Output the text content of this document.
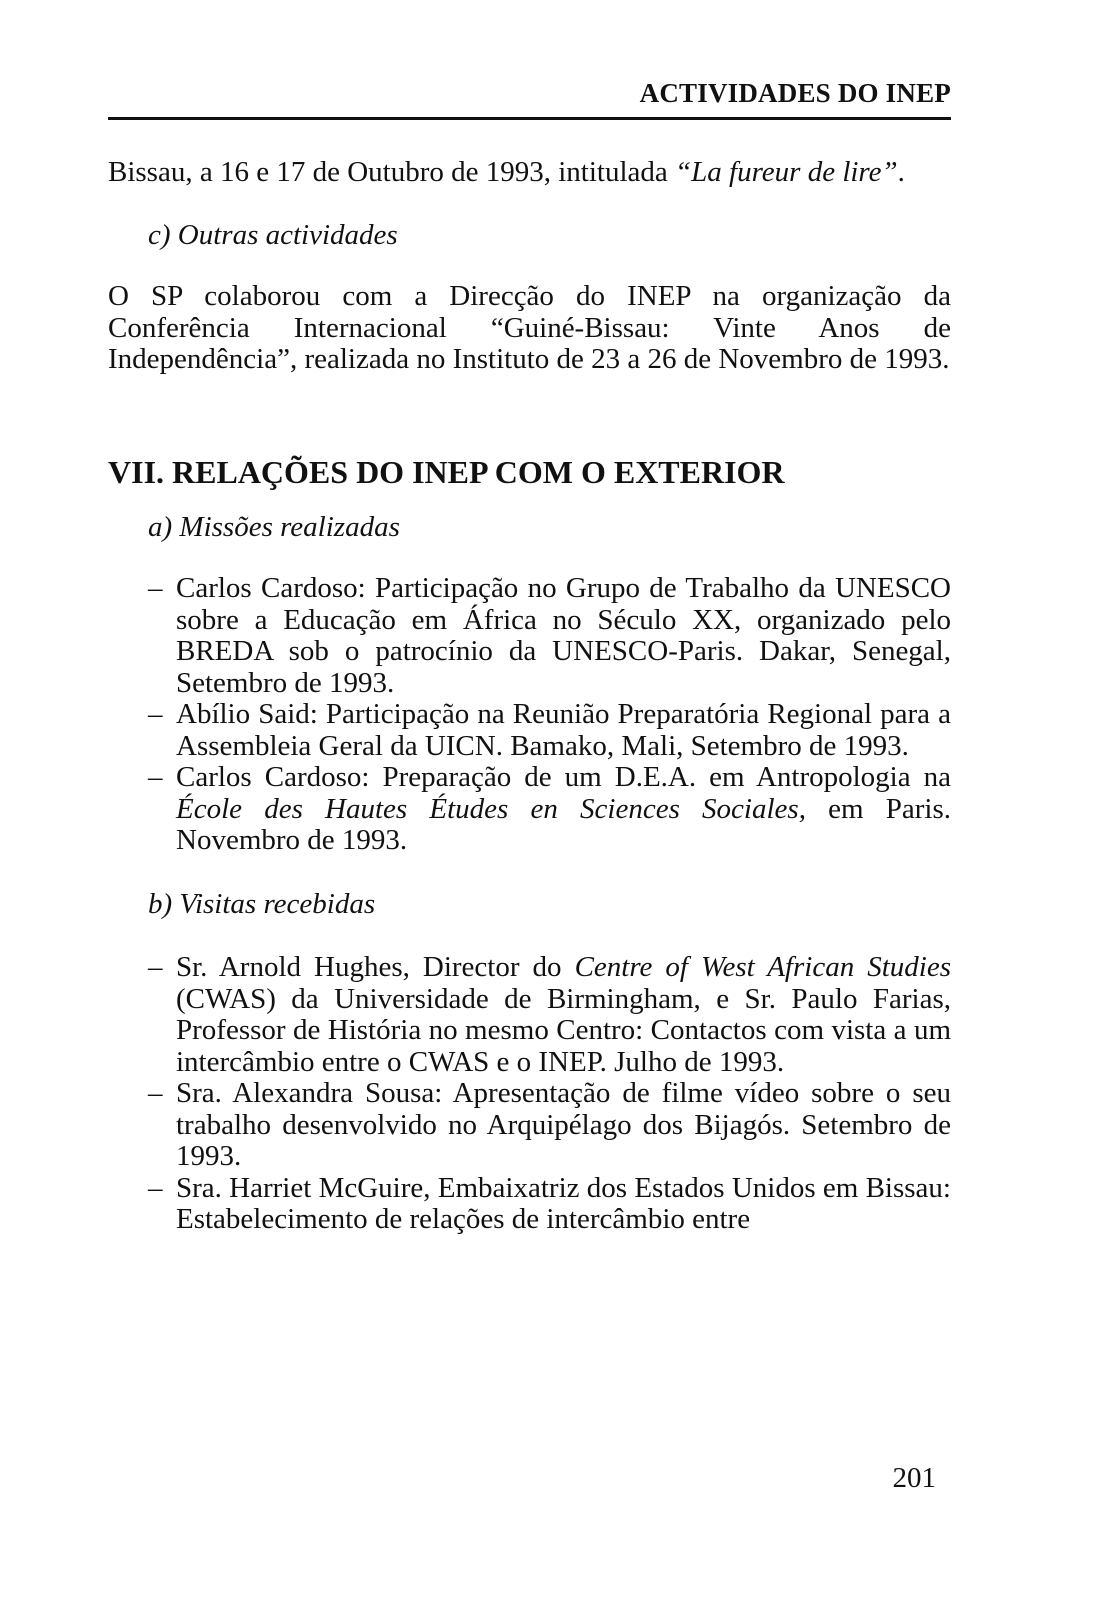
ACTIVIDADES DO INEP

Bissau, a 16 e 17 de Outubro de 1993, intitulada “La fureur de lire”.

c) Outras actividades

O SP colaborou com a Direcção do INEP na organização da Conferência Internacional “Guiné-Bissau: Vinte Anos de Independência”, realizada no Instituto de 23 a 26 de Novembro de 1993.

VII. RELAÇÕES DO INEP COM O EXTERIOR

a) Missões realizadas

– Carlos Cardoso: Participação no Grupo de Trabalho da UNESCO sobre a Educação em África no Século XX, organizado pelo BREDA sob o patrocínio da UNESCO-Paris. Dakar, Senegal, Setembro de 1993.
– Abílio Said: Participação na Reunião Preparatória Regional para a Assembleia Geral da UICN. Bamako, Mali, Setembro de 1993.
– Carlos Cardoso: Preparação de um D.E.A. em Antropologia na École des Hautes Études en Sciences Sociales, em Paris. Novembro de 1993.

b) Visitas recebidas

– Sr. Arnold Hughes, Director do Centre of West African Studies (CWAS) da Universidade de Birmingham, e Sr. Paulo Farias, Professor de História no mesmo Centro: Contactos com vista a um intercâmbio entre o CWAS e o INEP. Julho de 1993.
– Sra. Alexandra Sousa: Apresentação de filme vídeo sobre o seu trabalho desenvolvido no Arquipélago dos Bijagós. Setembro de 1993.
– Sra. Harriet McGuire, Embaixatriz dos Estados Unidos em Bissau: Estabelecimento de relações de intercâmbio entre
201
